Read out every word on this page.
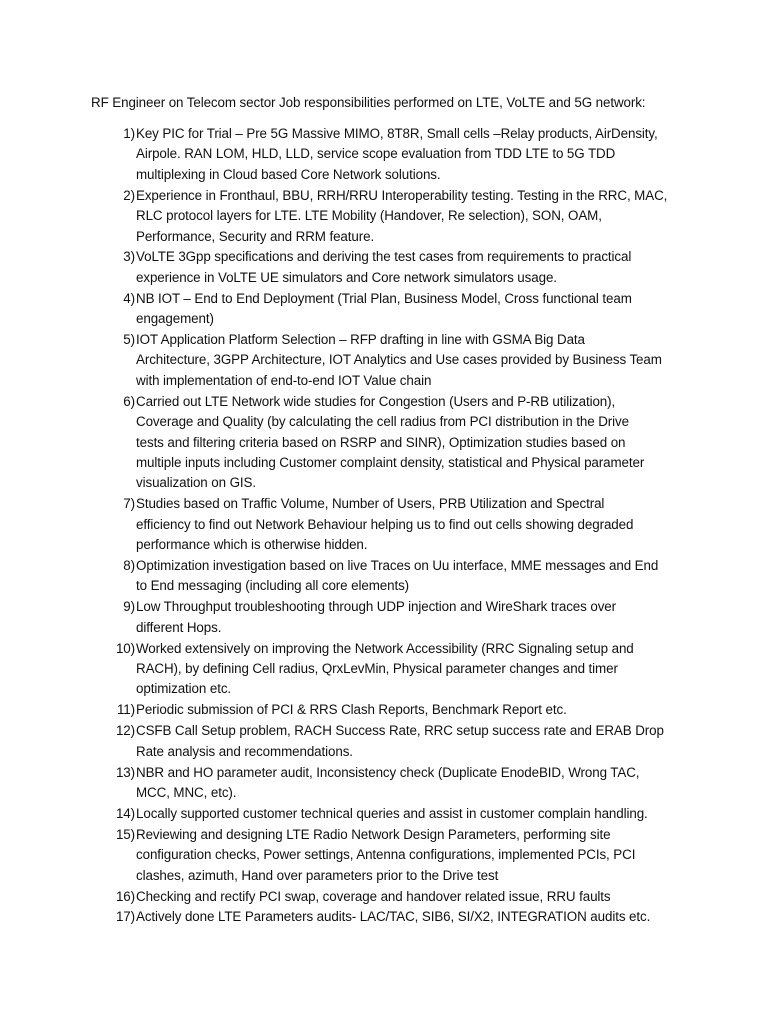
RF Engineer on Telecom sector Job responsibilities performed on LTE, VoLTE and 5G network:
1) Key PIC for Trial – Pre 5G Massive MIMO, 8T8R, Small cells –Relay products, AirDensity,
Airpole. RAN LOM, HLD, LLD, service scope evaluation from TDD LTE to 5G TDD
multiplexing in Cloud based Core Network solutions.
2) Experience in Fronthaul, BBU, RRH/RRU Interoperability testing. Testing in the RRC, MAC,
RLC protocol layers for LTE. LTE Mobility (Handover, Re selection), SON, OAM,
Performance, Security and RRM feature.
3) VoLTE 3Gpp specifications and deriving the test cases from requirements to practical
experience in VoLTE UE simulators and Core network simulators usage.
4) NB IOT – End to End Deployment (Trial Plan, Business Model, Cross functional team
engagement)
5) IOT Application Platform Selection – RFP drafting in line with GSMA Big Data
Architecture, 3GPP Architecture, IOT Analytics and Use cases provided by Business Team
with implementation of end-to-end IOT Value chain
6) Carried out LTE Network wide studies for Congestion (Users and P-RB utilization),
Coverage and Quality (by calculating the cell radius from PCI distribution in the Drive
tests and filtering criteria based on RSRP and SINR), Optimization studies based on
multiple inputs including Customer complaint density, statistical and Physical parameter
visualization on GIS.
7) Studies based on Traffic Volume, Number of Users, PRB Utilization and Spectral
efficiency to find out Network Behaviour helping us to find out cells showing degraded
performance which is otherwise hidden.
8) Optimization investigation based on live Traces on Uu interface, MME messages and End
to End messaging (including all core elements)
9) Low Throughput troubleshooting through UDP injection and WireShark traces over
different Hops.
10) Worked extensively on improving the Network Accessibility (RRC Signaling setup and
RACH), by defining Cell radius, QrxLevMin, Physical parameter changes and timer
optimization etc.
11) Periodic submission of PCI & RRS Clash Reports, Benchmark Report etc.
12) CSFB Call Setup problem, RACH Success Rate, RRC setup success rate and ERAB Drop
Rate analysis and recommendations.
13) NBR and HO parameter audit, Inconsistency check (Duplicate EnodeBID, Wrong TAC,
MCC, MNC, etc).
14) Locally supported customer technical queries and assist in customer complain handling.
15) Reviewing and designing LTE Radio Network Design Parameters, performing site
configuration checks, Power settings, Antenna configurations, implemented PCIs, PCI
clashes, azimuth, Hand over parameters prior to the Drive test
16) Checking and rectify PCI swap, coverage and handover related issue, RRU faults
17) Actively done LTE Parameters audits- LAC/TAC, SIB6, SI/X2, INTEGRATION audits etc.
